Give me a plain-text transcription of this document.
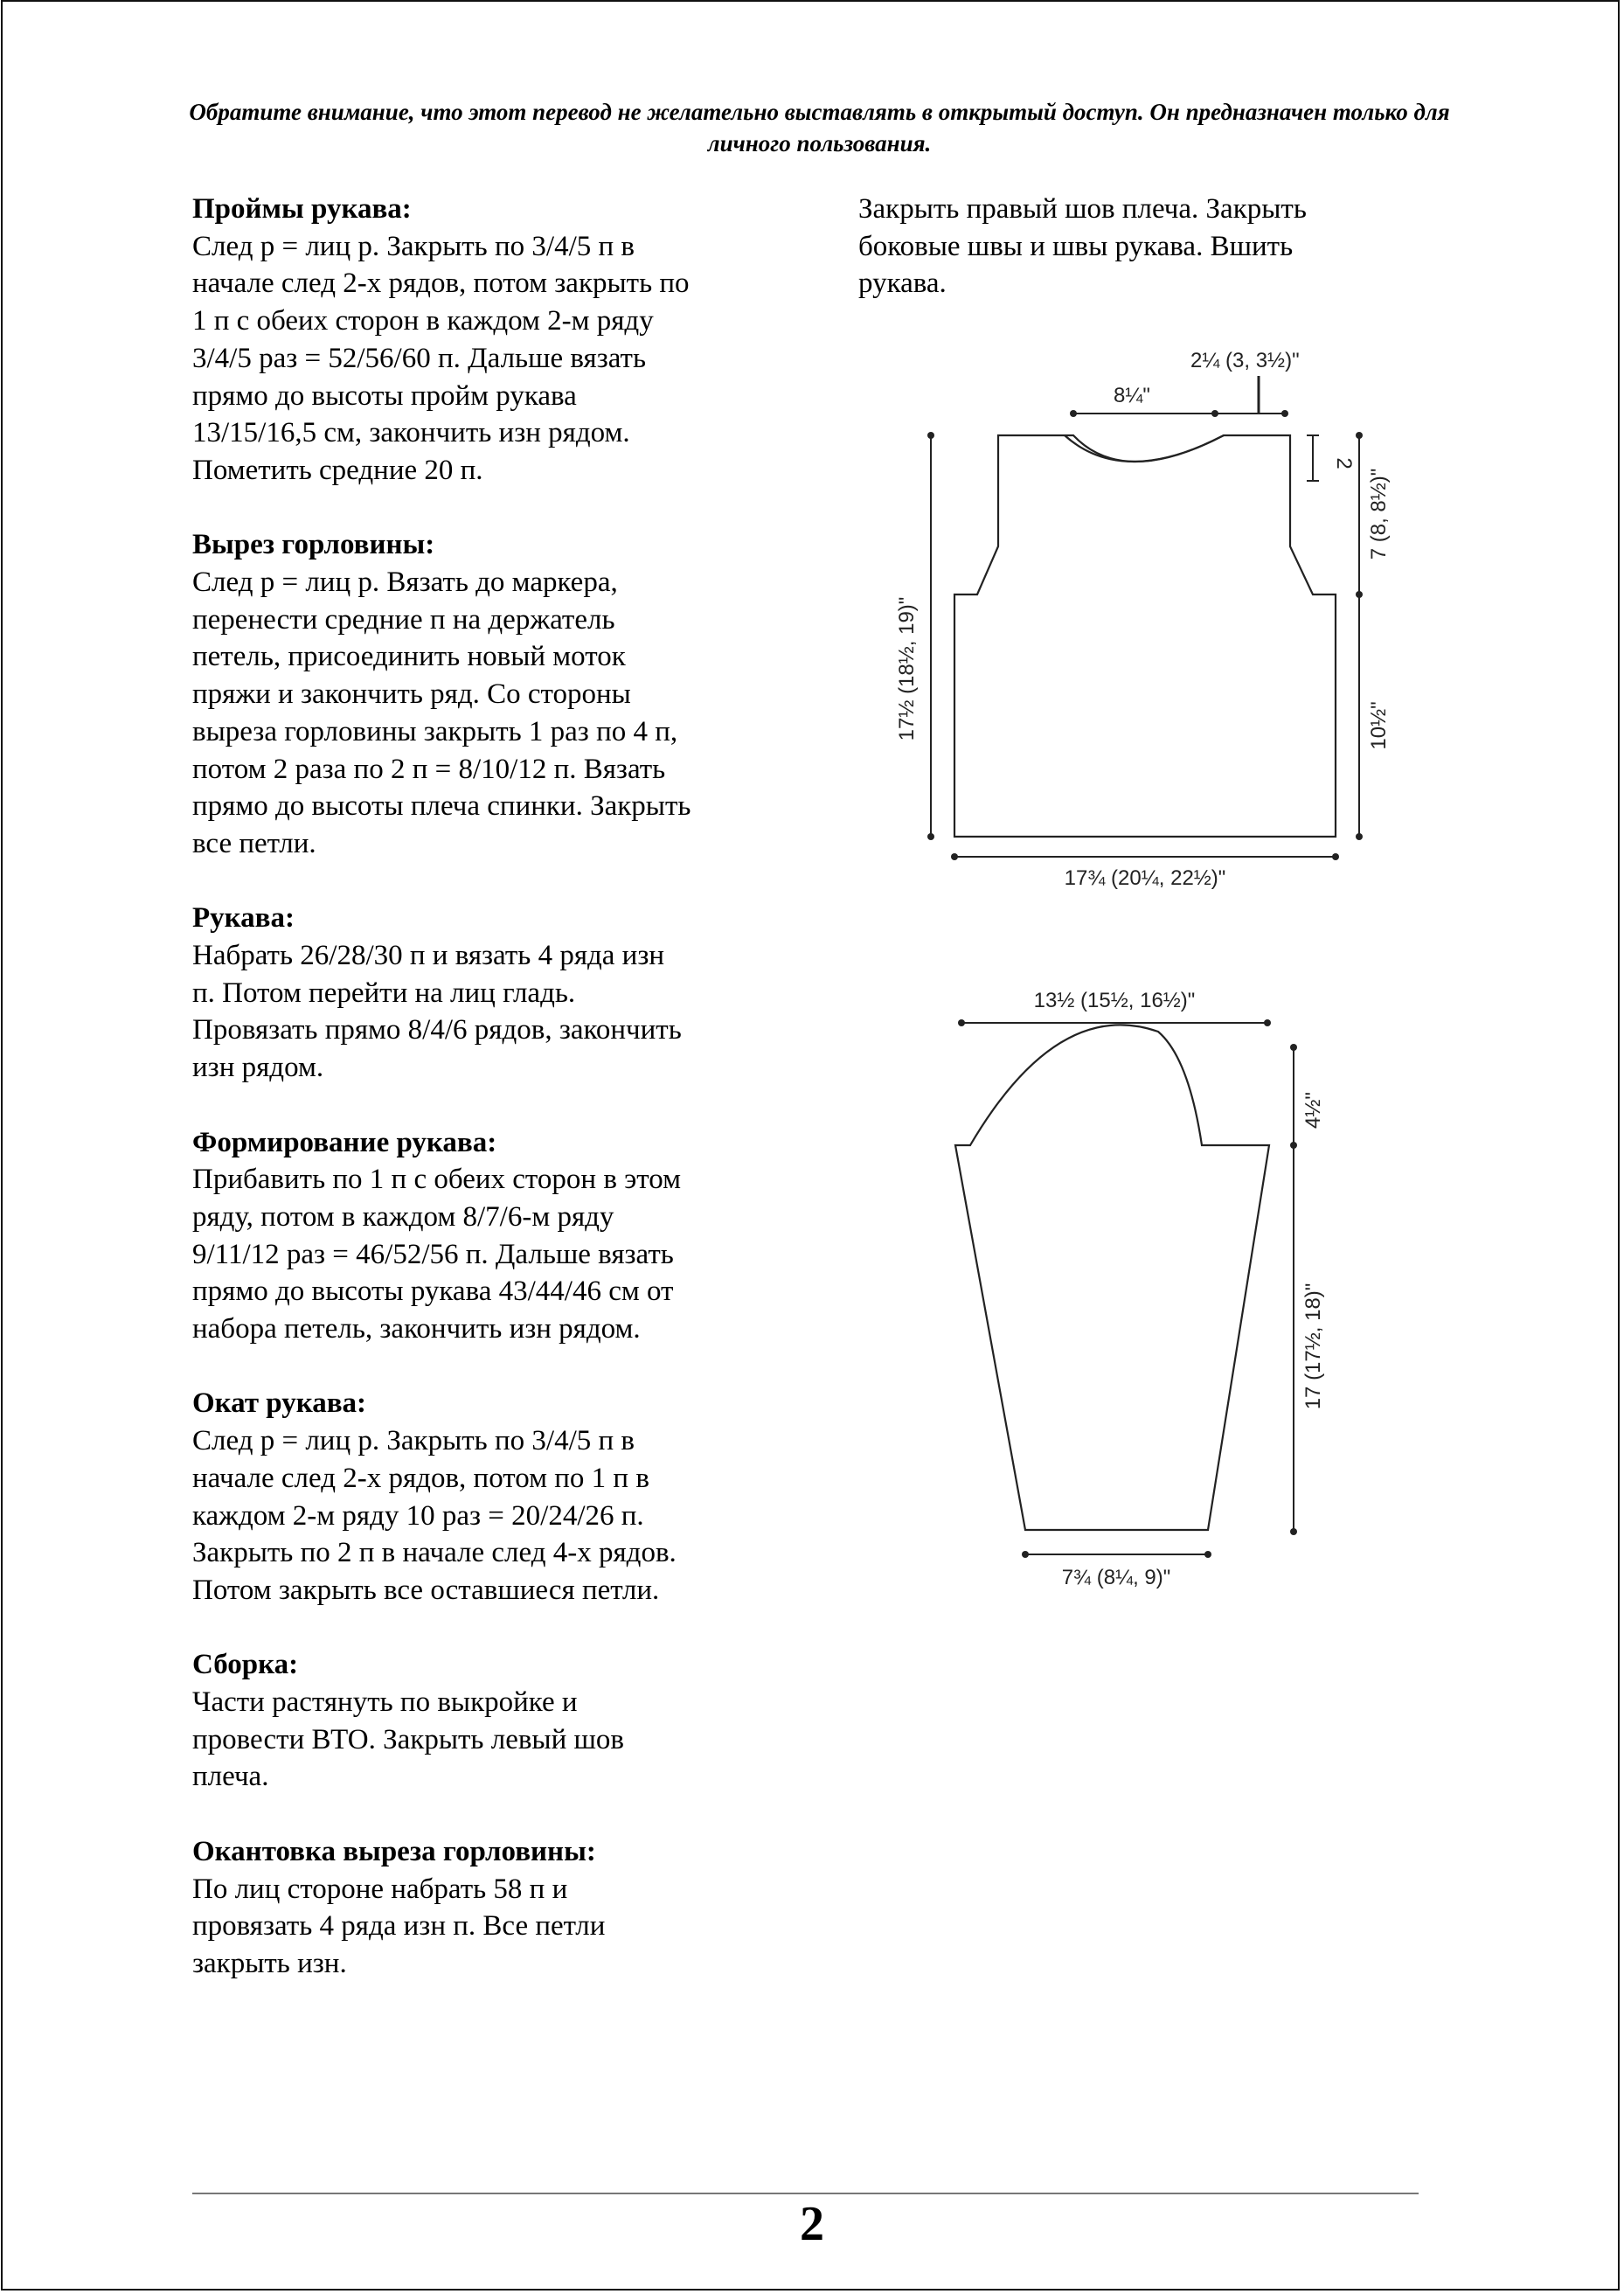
Обратите внимание, что этот перевод не желательно выставлять в открытый доступ. Он предназначен только для личного пользования.
Проймы рукава:

След р = лиц р. Закрыть по 3/4/5 п в

начале след 2-х рядов, потом закрыть по

1 п с обеих сторон в каждом 2-м ряду

3/4/5 раз = 52/56/60 п. Дальше вязать

прямо до высоты пройм рукава

13/15/16,5 см, закончить изн рядом.

Пометить средние 20 п.

Вырез горловины:

След р = лиц р. Вязать до маркера,

перенести средние п на держатель

петель, присоединить новый моток

пряжи и закончить ряд. Со стороны

выреза горловины закрыть 1 раз по 4 п,

потом 2 раза по 2 п = 8/10/12 п. Вязать

прямо до высоты плеча спинки. Закрыть

все петли.

Рукава:

Набрать 26/28/30 п и вязать 4 ряда изн

п. Потом перейти на лиц гладь.

Провязать прямо 8/4/6 рядов, закончить

изн рядом.

Формирование рукава:

Прибавить по 1 п с обеих сторон в этом

ряду, потом в каждом 8/7/6-м ряду

9/11/12 раз = 46/52/56 п. Дальше вязать

прямо до высоты рукава 43/44/46 см от

набора петель, закончить изн рядом.

Окат рукава:

След р = лиц р. Закрыть по 3/4/5 п в

начале след 2-х рядов, потом по 1 п в

каждом 2-м ряду 10 раз = 20/24/26 п.

Закрыть по 2 п в начале след 4-х рядов.

Потом закрыть все оставшиеся петли.

Сборка:

Части растянуть по выкройке и

провести ВТО. Закрыть левый шов

плеча.

Окантовка выреза горловины:

По лиц стороне набрать 58 п и

провязать 4 ряда изн п. Все петли

закрыть изн.

Закрыть правый шов плеча. Закрыть

боковые швы и швы рукава. Вшить

рукава.

8¼"
2¼ (3, 3½)"
2
7 (8, 8½)"
10½"
17½ (18½, 19)"
17¾ (20¼, 22½)"
13½ (15½, 16½)"
4½"
17 (17½, 18)"
7¾ (8¼, 9)"
2
